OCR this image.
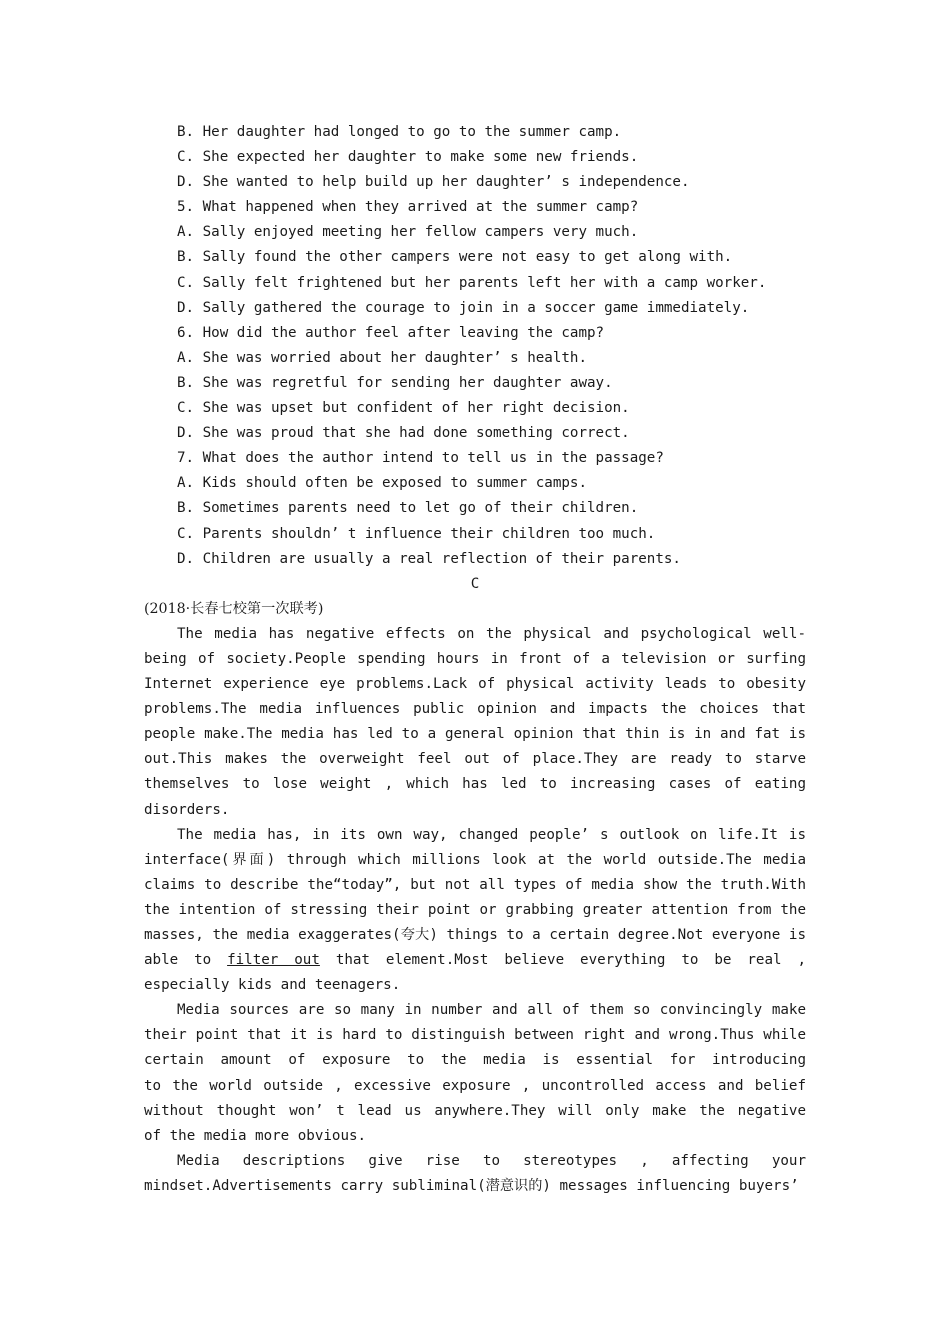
B. Her daughter had longed to go to the summer camp.
C. She expected her daughter to make some new friends.
D. She wanted to help build up her daughter’ s independence.
5. What happened when they arrived at the summer camp?
A. Sally enjoyed meeting her fellow campers very much.
B. Sally found the other campers were not easy to get along with.
C. Sally felt frightened but her parents left her with a camp worker.
D. Sally gathered the courage to join in a soccer game immediately.
6. How did the author feel after leaving the camp?
A. She was worried about her daughter’ s health.
B. She was regretful for sending her daughter away.
C. She was upset but confident of her right decision.
D. She was proud that she had done something correct.
7. What does the author intend to tell us in the passage?
A. Kids should often be exposed to summer camps.
B. Sometimes parents need to let go of their children.
C. Parents shouldn’ t influence their children too much.
D. Children are usually a real reflection of their parents.
C
(2018·长春七校第一次联考)
The media has negative effects on the physical and psychological well-
being of society.People spending hours in front of a television or surfing
Internet experience eye problems.Lack of physical activity leads to obesity
problems.The media influences public opinion and impacts the choices that
people make.The media has led to a general opinion that thin is in and fat is
out.This makes the overweight feel out of place.They are ready to starve
themselves to lose weight , which has led to increasing cases of eating
disorders.
The media has, in its own way, changed people’ s outlook on life.It is
interface(界面) through which millions look at the world outside.The media
claims to describe the“today”, but not all types of media show the truth.With
the intention of stressing their point or grabbing greater attention from the
masses, the media exaggerates(夸大) things to a certain degree.Not everyone is
able to filter out that element.Most believe everything to be real ,
especially kids and teenagers.
Media sources are so many in number and all of them so convincingly make
their point that it is hard to distinguish between right and wrong.Thus while
certain amount of exposure to the media is essential for introducing
to the world outside , excessive exposure , uncontrolled access and belief
without thought won’ t lead us anywhere.They will only make the negative
of the media more obvious.
Media descriptions give rise to stereotypes , affecting your
mindset.Advertisements carry subliminal(潜意识的) messages influencing buyers’
